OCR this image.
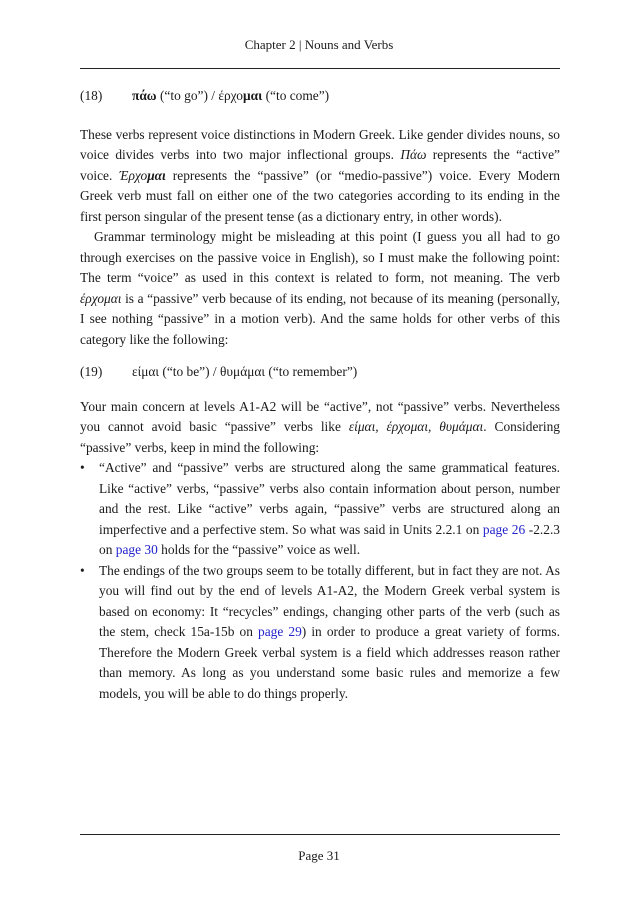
Chapter 2 | Nouns and Verbs
(18)	πάω (“to go”) / έρχομαι (“to come”)

These verbs represent voice distinctions in Modern Greek. Like gender divides nouns, so voice divides verbs into two major inflectional groups. Πάω represents the “active” voice. Έρχομαι represents the “passive” (or “medio-passive”) voice. Every Modern Greek verb must fall on either one of the two categories according to its ending in the first person singular of the present tense (as a dictionary entry, in other words).

Grammar terminology might be misleading at this point (I guess you all had to go through exercises on the passive voice in English), so I must make the following point: The term “voice” as used in this context is related to form, not meaning. The verb έρχομαι is a “passive” verb because of its ending, not because of its meaning (personally, I see nothing “passive” in a motion verb). And the same holds for other verbs of this category like the following:

(19)	είμαι (“to be”) / θυμάμαι (“to remember”)

Your main concern at levels A1-A2 will be “active”, not “passive” verbs. Nevertheless you cannot avoid basic “passive” verbs like είμαι, έρχομαι, θυμάμαι. Considering “passive” verbs, keep in mind the following:

•	“Active” and “passive” verbs are structured along the same grammatical features. Like “active” verbs, “passive” verbs also contain information about person, number and the rest. Like “active” verbs again, “passive” verbs are structured along an imperfective and a perfective stem. So what was said in Units 2.2.1 on page 26 -2.2.3 on page 30 holds for the “passive” voice as well.
•	The endings of the two groups seem to be totally different, but in fact they are not. As you will find out by the end of levels A1-A2, the Modern Greek verbal system is based on economy: It “recycles” endings, changing other parts of the verb (such as the stem, check 15a-15b on page 29) in order to produce a great variety of forms. Therefore the Modern Greek verbal system is a field which addresses reason rather than memory. As long as you understand some basic rules and memorize a few models, you will be able to do things properly.
Page 31
